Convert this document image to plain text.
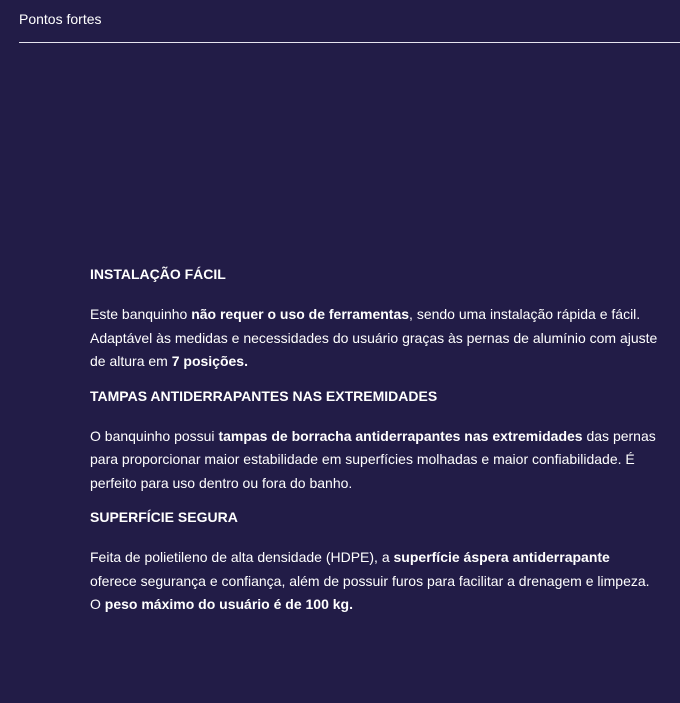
Pontos fortes
INSTALAÇÃO FÁCIL

Este banquinho não requer o uso de ferramentas, sendo uma instalação rápida e fácil. Adaptável às medidas e necessidades do usuário graças às pernas de alumínio com ajuste de altura em 7 posições.

TAMPAS ANTIDERRAPANTES NAS EXTREMIDADES

O banquinho possui tampas de borracha antiderrapantes nas extremidades das pernas para proporcionar maior estabilidade em superfícies molhadas e maior confiabilidade. É perfeito para uso dentro ou fora do banho.

SUPERFÍCIE SEGURA

Feita de polietileno de alta densidade (HDPE), a superfície áspera antiderrapante oferece segurança e confiança, além de possuir furos para facilitar a drenagem e limpeza. O peso máximo do usuário é de 100 kg.
